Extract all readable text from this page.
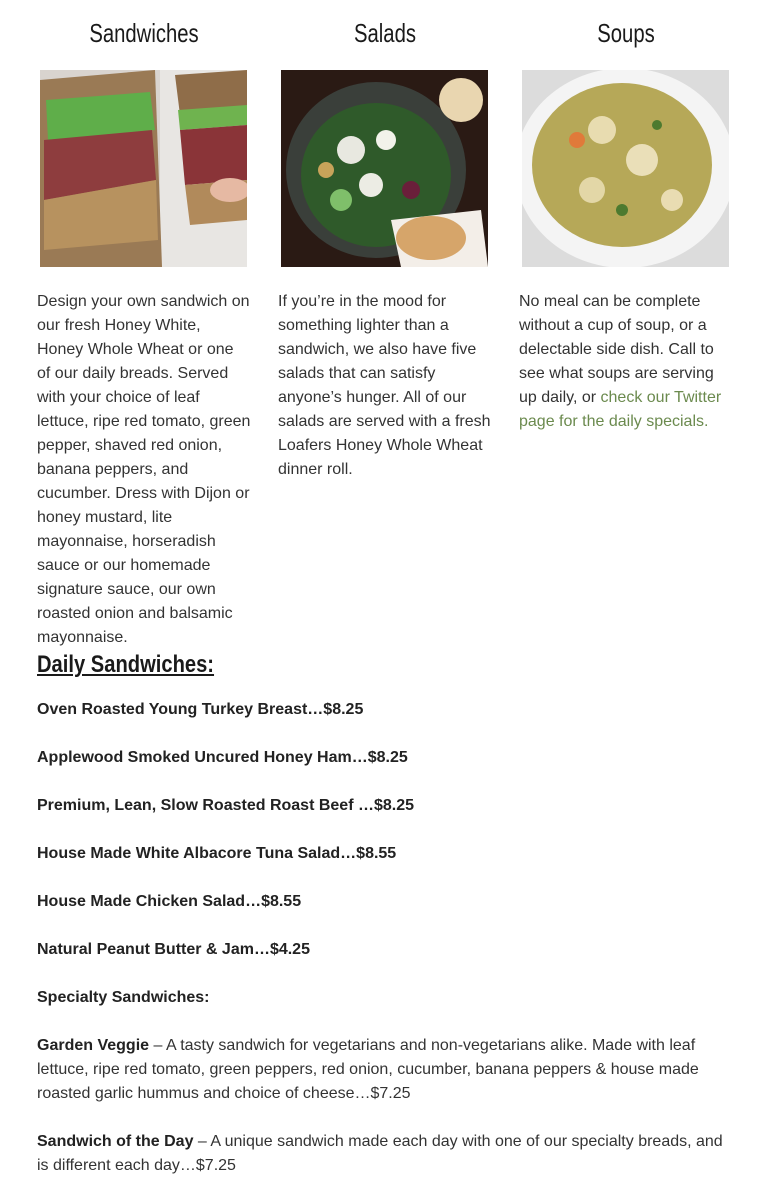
Sandwiches
Design your own sandwich on our fresh Honey White, Honey Whole Wheat or one of our daily breads. Served with your choice of leaf lettuce, ripe red tomato, green pepper, shaved red onion, banana peppers, and cucumber. Dress with Dijon or honey mustard, lite mayonnaise, horseradish sauce or our homemade signature sauce, our own roasted onion and balsamic mayonnaise.
Salads
If you’re in the mood for something lighter than a sandwich, we also have five salads that can satisfy anyone’s hunger. All of our salads are served with a fresh Loafers Honey Whole Wheat dinner roll.
Soups
No meal can be complete without a cup of soup, or a delectable side dish. Call to see what soups are serving up daily, or check our Twitter page for the daily specials.
Daily Sandwiches:
Oven Roasted Young Turkey Breast…$8.25
Applewood Smoked Uncured Honey Ham…$8.25
Premium, Lean, Slow Roasted Roast Beef …$8.25
House Made White Albacore Tuna Salad…$8.55
House Made Chicken Salad…$8.55
Natural Peanut Butter & Jam…$4.25
Specialty Sandwiches:
Garden Veggie – A tasty sandwich for vegetarians and non-vegetarians alike. Made with leaf lettuce, ripe red tomato, green peppers, red onion, cucumber, banana peppers & house made roasted garlic hummus and choice of cheese…$7.25
Sandwich of the Day – A unique sandwich made each day with one of our specialty breads, and is different each day…$7.25
